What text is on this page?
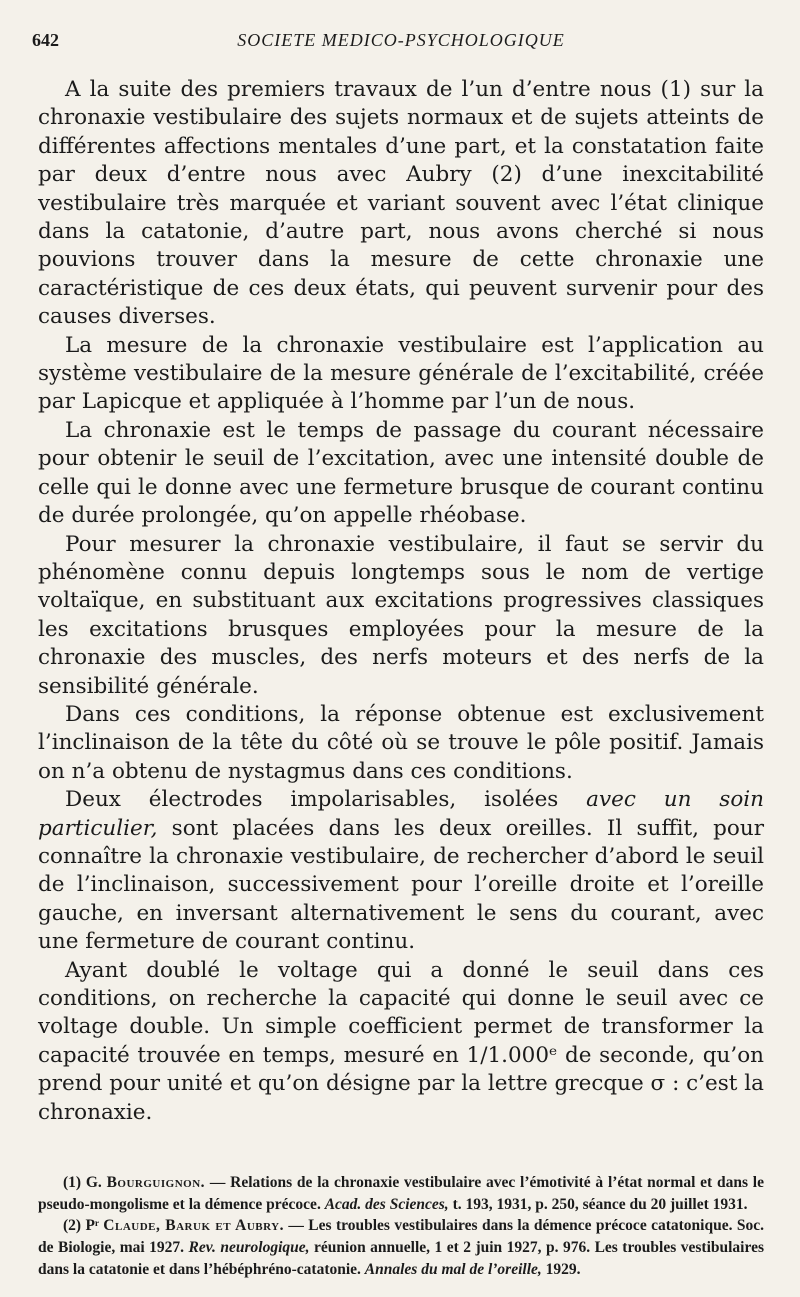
642	SOCIETE MEDICO-PSYCHOLOGIQUE

A la suite des premiers travaux de l’un d’entre nous (1) sur la chronaxie vestibulaire des sujets normaux et de sujets atteints de différentes affections mentales d’une part, et la constatation faite par deux d’entre nous avec Aubry (2) d’une inexcitabilité vestibulaire très marquée et variant souvent avec l’état clinique dans la catatonie, d’autre part, nous avons cherché si nous pouvions trouver dans la mesure de cette chronaxie une caractéristique de ces deux états, qui peuvent survenir pour des causes diverses.

La mesure de la chronaxie vestibulaire est l’application au système vestibulaire de la mesure générale de l’excitabilité, créée par Lapicque et appliquée à l’homme par l’un de nous.

La chronaxie est le temps de passage du courant nécessaire pour obtenir le seuil de l’excitation, avec une intensité double de celle qui le donne avec une fermeture brusque de courant continu de durée prolongée, qu’on appelle rhéobase.

Pour mesurer la chronaxie vestibulaire, il faut se servir du phénomène connu depuis longtemps sous le nom de vertige voltaïque, en substituant aux excitations progressives classiques les excitations brusques employées pour la mesure de la chronaxie des muscles, des nerfs moteurs et des nerfs de la sensibilité générale.

Dans ces conditions, la réponse obtenue est exclusivement l’inclinaison de la tête du côté où se trouve le pôle positif. Jamais on n’a obtenu de nystagmus dans ces conditions.

Deux électrodes impolarisables, isolées avec un soin particulier, sont placées dans les deux oreilles. Il suffit, pour connaître la chronaxie vestibulaire, de rechercher d’abord le seuil de l’inclinaison, successivement pour l’oreille droite et l’oreille gauche, en inversant alternativement le sens du courant, avec une fermeture de courant continu.

Ayant doublé le voltage qui a donné le seuil dans ces conditions, on recherche la capacité qui donne le seuil avec ce voltage double. Un simple coefficient permet de transformer la capacité trouvée en temps, mesuré en 1/1.000ᵉ de seconde, qu’on prend pour unité et qu’on désigne par la lettre grecque σ : c’est la chronaxie.

(1) G. Bourguignon. — Relations de la chronaxie vestibulaire avec l’émotivité à l’état normal et dans le pseudo-mongolisme et la démence précoce. Acad. des Sciences, t. 193, 1931, p. 250, séance du 20 juillet 1931.

(2) Pʳ Claude, Baruk et Aubry. — Les troubles vestibulaires dans la démence précoce catatonique. Soc. de Biologie, mai 1927. Rev. neurologique, réunion annuelle, 1 et 2 juin 1927, p. 976. Les troubles vestibulaires dans la catatonie et dans l’hébéphréno-catatonie. Annales du mal de l’oreille, 1929.
